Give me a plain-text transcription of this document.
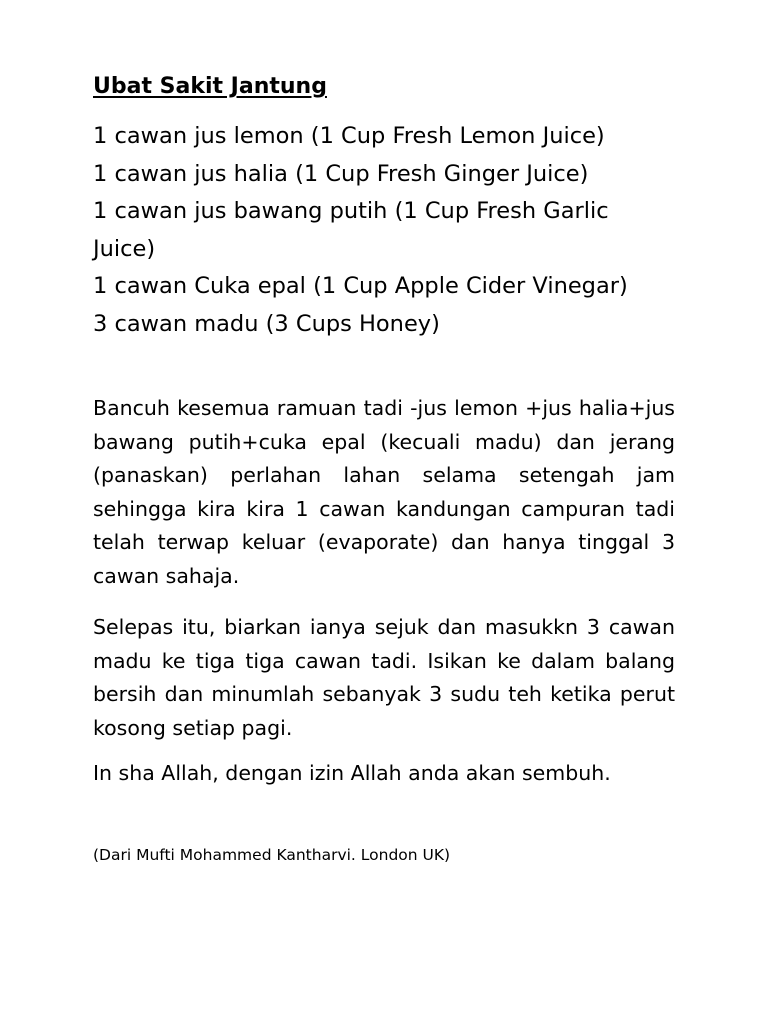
Ubat Sakit Jantung
1 cawan jus lemon (1 Cup Fresh Lemon Juice)
1 cawan jus halia (1 Cup Fresh Ginger Juice)
1 cawan jus bawang putih (1 Cup Fresh Garlic Juice)
1 cawan Cuka epal (1 Cup Apple Cider Vinegar)
3 cawan madu (3 Cups Honey)

Bancuh kesemua ramuan tadi -jus lemon +jus halia+jus bawang putih+cuka epal (kecuali madu) dan jerang (panaskan) perlahan lahan selama setengah jam sehingga kira kira 1 cawan kandungan campuran tadi telah terwap keluar (evaporate) dan hanya tinggal 3 cawan sahaja.

Selepas itu, biarkan ianya sejuk dan masukkn 3 cawan madu ke tiga tiga cawan tadi. Isikan ke dalam balang bersih dan minumlah sebanyak 3 sudu teh ketika perut kosong setiap pagi.

In sha Allah, dengan izin Allah anda akan sembuh.

(Dari Mufti Mohammed Kantharvi. London UK)
